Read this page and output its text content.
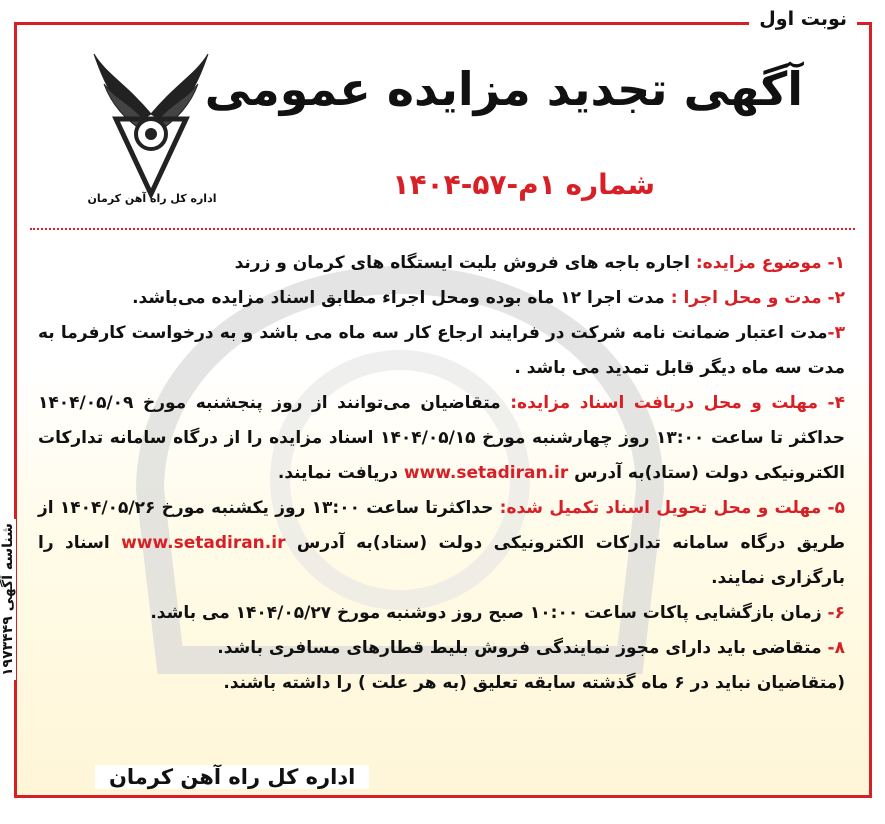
نوبت اول
اداره کل راه آهن کرمان
آگهی تجدید مزایده عمومی
شماره ۱م-۵۷-۱۴۰۴

۱- موضوع مزایده: اجاره باجه های فروش بلیت ایستگاه های کرمان و زرند

۲- مدت و محل اجرا : مدت اجرا ۱۲ ماه بوده ومحل اجراء مطابق اسناد مزایده می‌باشد.

۳-مدت اعتبار ضمانت نامه شرکت در فرایند ارجاع کار سه ماه می باشد و به درخواست کارفرما به مدت سه ماه دیگر قابل تمدید می باشد .

۴- مهلت و محل دریافت اسناد مزایده: متقاضیان می‌توانند از روز پنجشنبه مورخ ۱۴۰۴/۰۵/۰۹ حداکثر تا ساعت ۱۳:۰۰ روز چهارشنبه مورخ ۱۴۰۴/۰۵/۱۵ اسناد مزایده را از درگاه سامانه تدارکات الکترونیکی دولت (ستاد)به آدرس www.setadiran.ir دریافت نمایند.

۵- مهلت و محل تحویل اسناد تکمیل شده: حداکثرتا ساعت ۱۳:۰۰ روز یکشنبه مورخ ۱۴۰۴/۰۵/۲۶ از طریق درگاه سامانه تدارکات الکترونیکی دولت (ستاد)به آدرس www.setadiran.ir اسناد را بارگزاری نمایند.

۶- زمان بازگشایی پاکات ساعت ۱۰:۰۰ صبح روز دوشنبه مورخ ۱۴۰۴/۰۵/۲۷ می باشد.

۸- متقاضی باید دارای مجوز نمایندگی فروش بلیط قطارهای مسافری باشد.

(متقاضیان نباید در ۶ ماه گذشته سابقه تعلیق (به هر علت ) را داشته باشند.

شناسه آگهی ۱۹۷۳۴۴۹
اداره کل راه آهن کرمان
